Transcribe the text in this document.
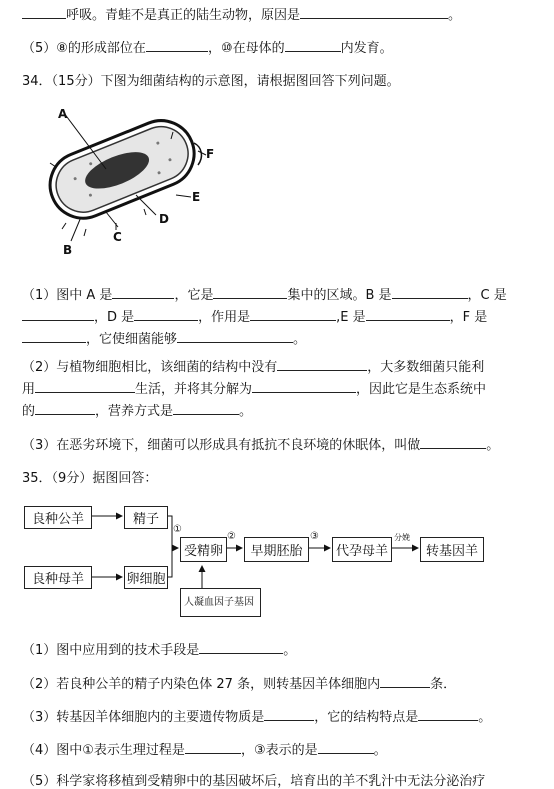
呼吸。青蛙不是真正的陆生动物，原因是	。
（5）⑧的形成部位在	，⑩在母体的	内发育。
34．（15分）下图为细菌结构的示意图，请根据图回答下列问题。
A
F
E
D
C
B
（1）图中 A 是	，它是	集中的区域。B 是	，C 是
，D 是	，作用是	,E 是	，F 是
，它使细菌能够	。
（2）与植物细胞相比，该细菌的结构中没有	，大多数细菌只能利
用	生活，并将其分解为	，因此它是生态系统中
的	，营养方式是	。
（3）在恶劣环境下，细菌可以形成具有抵抗不良环境的休眠体，叫做	。
35．（9分）据图回答：
良种公羊	精子
良种母羊	卵细胞
受精卵	早期胚胎	代孕母羊	转基因羊
人凝血因子基因
①
②	③	分娩
（1）图中应用到的技术手段是	。
（2）若良种公羊的精子内染色体 27 条，则转基因羊体细胞内	条．
（3）转基因羊体细胞内的主要遗传物质是	，它的结构特点是	。
（4）图中①表示生理过程是	，③表示的是	。
（5）科学家将移植到受精卵中的基因破坏后，培育出的羊不乳汁中无法分泌治疗
